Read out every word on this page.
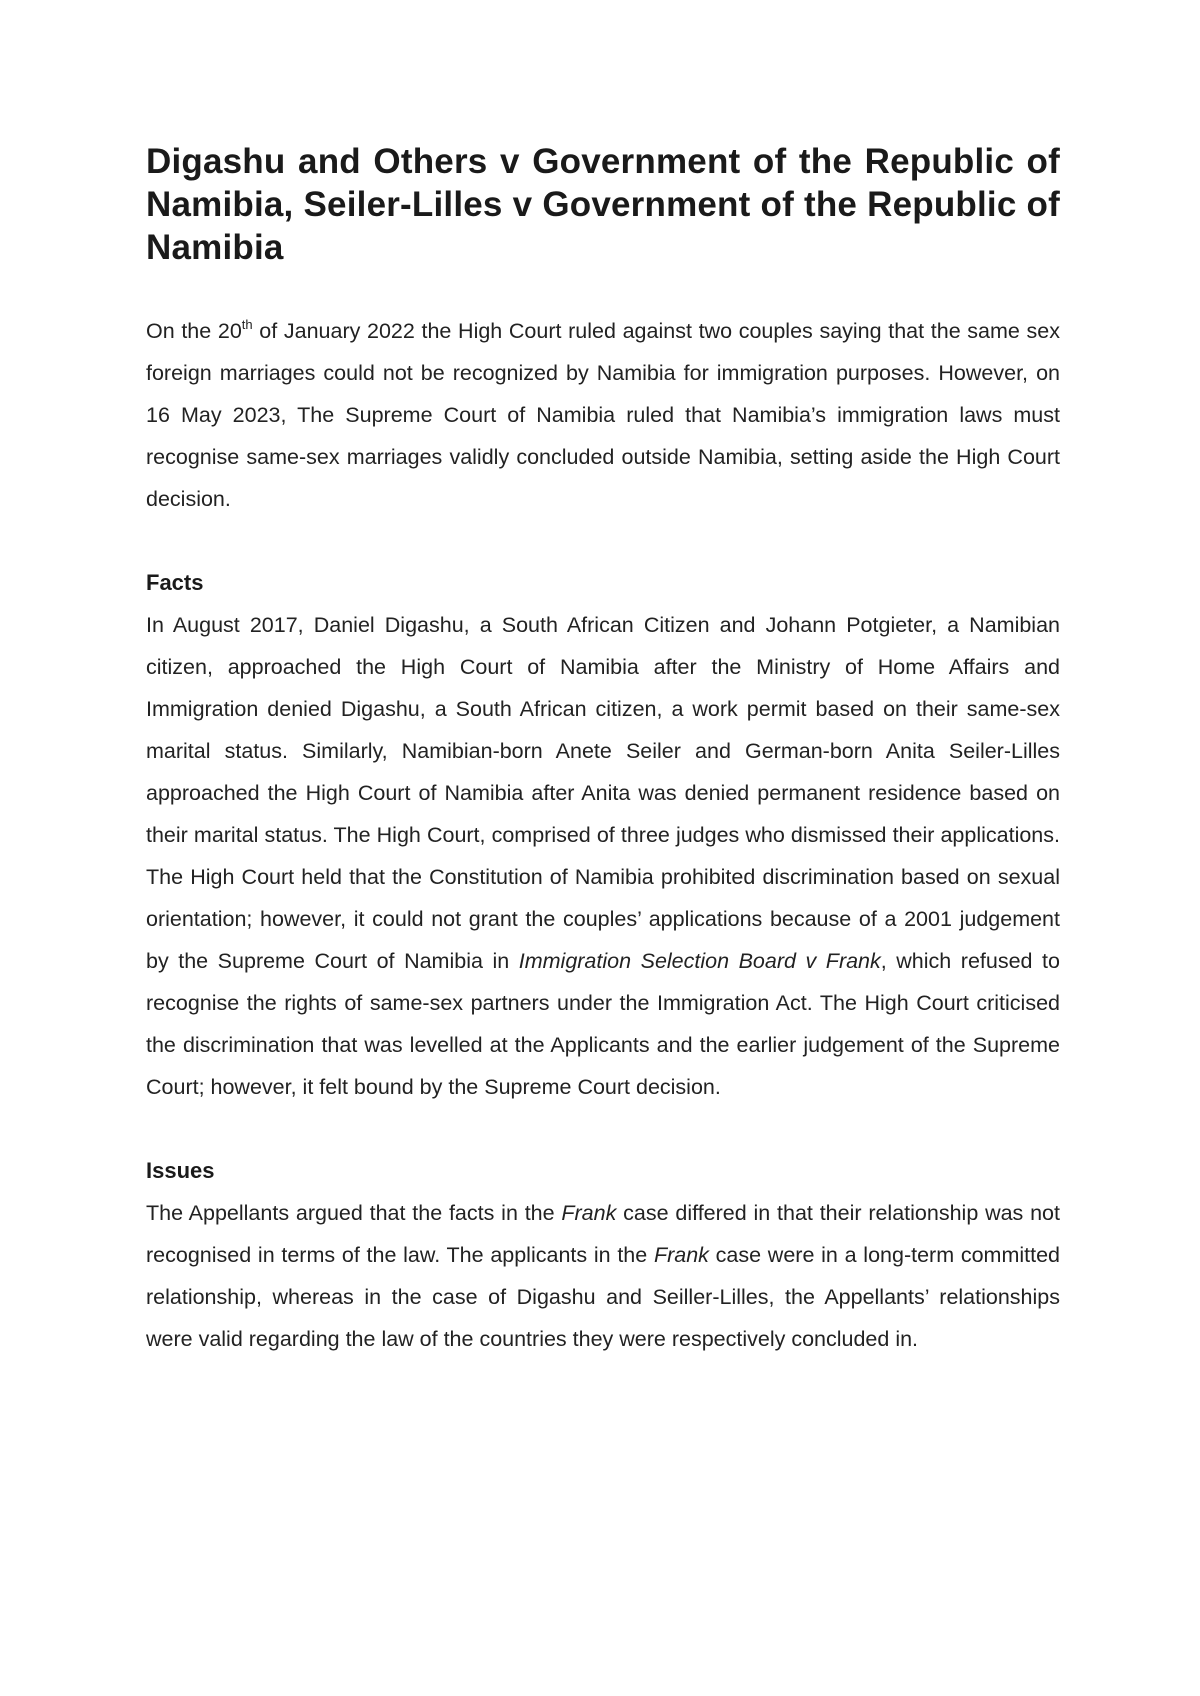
Digashu and Others v Government of the Republic of Namibia, Seiler-Lilles v Government of the Republic of Namibia

On the 20th of January 2022 the High Court ruled against two couples saying that the same sex foreign marriages could not be recognized by Namibia for immigration purposes. However, on 16 May 2023, The Supreme Court of Namibia ruled that Namibia’s immigration laws must recognise same-sex marriages validly concluded outside Namibia, setting aside the High Court decision.

Facts

In August 2017, Daniel Digashu, a South African Citizen and Johann Potgieter, a Namibian citizen, approached the High Court of Namibia after the Ministry of Home Affairs and Immigration denied Digashu, a South African citizen, a work permit based on their same-sex marital status. Similarly, Namibian-born Anete Seiler and German-born Anita Seiler-Lilles approached the High Court of Namibia after Anita was denied permanent residence based on their marital status. The High Court, comprised of three judges who dismissed their applications. The High Court held that the Constitution of Namibia prohibited discrimination based on sexual orientation; however, it could not grant the couples’ applications because of a 2001 judgement by the Supreme Court of Namibia in Immigration Selection Board v Frank, which refused to recognise the rights of same-sex partners under the Immigration Act. The High Court criticised the discrimination that was levelled at the Applicants and the earlier judgement of the Supreme Court; however, it felt bound by the Supreme Court decision.

Issues

The Appellants argued that the facts in the Frank case differed in that their relationship was not recognised in terms of the law. The applicants in the Frank case were in a long-term committed relationship, whereas in the case of Digashu and Seiller-Lilles, the Appellants’ relationships were valid regarding the law of the countries they were respectively concluded in.
